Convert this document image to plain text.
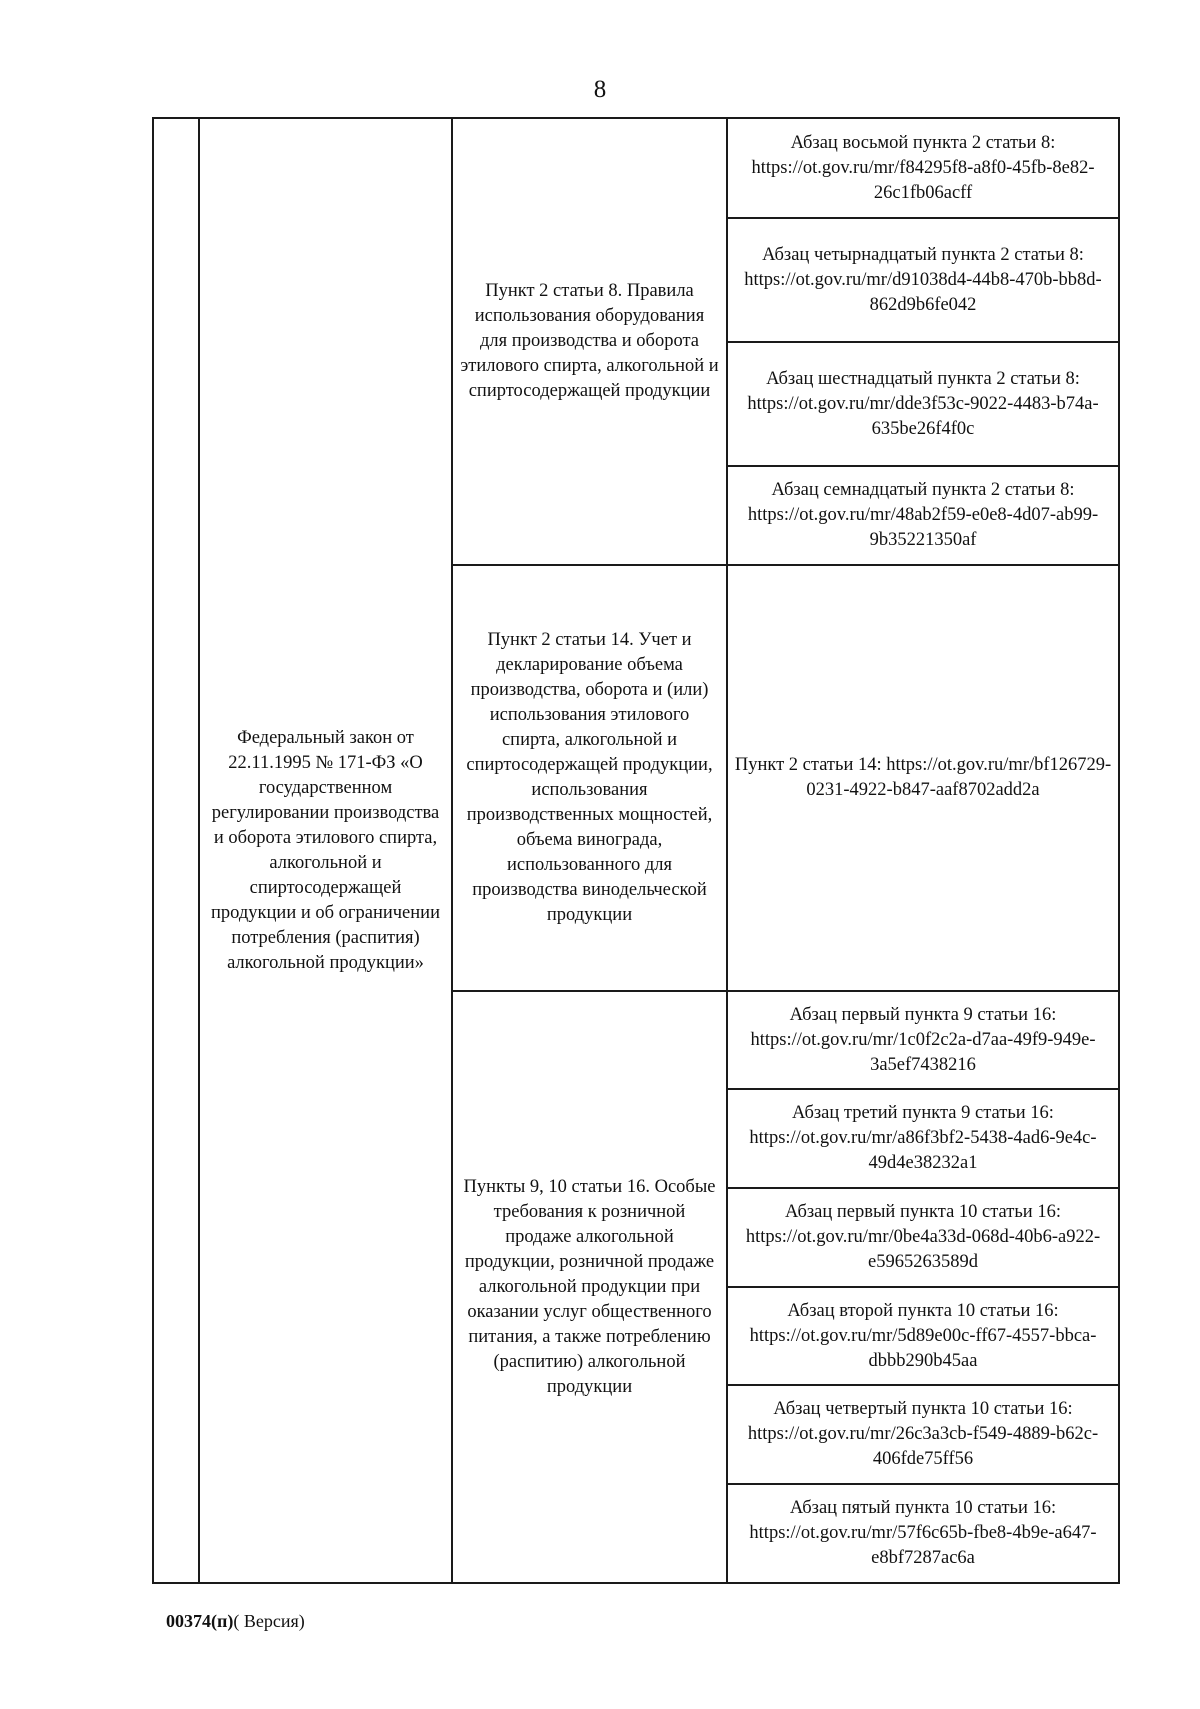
8

	Федеральный закон от 22.11.1995 № 171-ФЗ «О государственном регулировании производства и оборота этилового спирта, алкогольной и спиртосодержащей продукции и об ограничении потребления (распития) алкогольной продукции»	Пункт 2 статьи 8. Правила использования оборудования для производства и оборота этилового спирта, алкогольной и спиртосодержащей продукции	Абзац восьмой пункта 2 статьи 8: https://ot.gov.ru/mr/f84295f8-a8f0-45fb-8e82-26c1fb06acff

			Абзац четырнадцатый пункта 2 статьи 8: https://ot.gov.ru/mr/d91038d4-44b8-470b-bb8d-862d9b6fe042

			Абзац шестнадцатый пункта 2 статьи 8: https://ot.gov.ru/mr/dde3f53c-9022-4483-b74a-635be26f4f0c

			Абзац семнадцатый пункта 2 статьи 8: https://ot.gov.ru/mr/48ab2f59-e0e8-4d07-ab99-9b35221350af

		Пункт 2 статьи 14. Учет и декларирование объема производства, оборота и (или) использования этилового спирта, алкогольной и спиртосодержащей продукции, использования производственных мощностей, объема винограда, использованного для производства винодельческой продукции	Пункт 2 статьи 14: https://ot.gov.ru/mr/bf126729-0231-4922-b847-aaf8702add2a

		Пункты 9, 10 статьи 16. Особые требования к розничной продаже алкогольной продукции, розничной продаже алкогольной продукции при оказании услуг общественного питания, а также потреблению (распитию) алкогольной продукции	Абзац первый пункта 9 статьи 16: https://ot.gov.ru/mr/1c0f2c2a-d7aa-49f9-949e-3a5ef7438216

			Абзац третий пункта 9 статьи 16: https://ot.gov.ru/mr/a86f3bf2-5438-4ad6-9e4c-49d4e38232a1

			Абзац первый пункта 10 статьи 16: https://ot.gov.ru/mr/0be4a33d-068d-40b6-a922-e5965263589d

			Абзац второй пункта 10 статьи 16: https://ot.gov.ru/mr/5d89e00c-ff67-4557-bbca-dbbb290b45aa

			Абзац четвертый пункта 10 статьи 16: https://ot.gov.ru/mr/26c3a3cb-f549-4889-b62c-406fde75ff56

			Абзац пятый пункта 10 статьи 16: https://ot.gov.ru/mr/57f6c65b-fbe8-4b9e-a647-e8bf7287ac6a
00374(п)( Версия)
